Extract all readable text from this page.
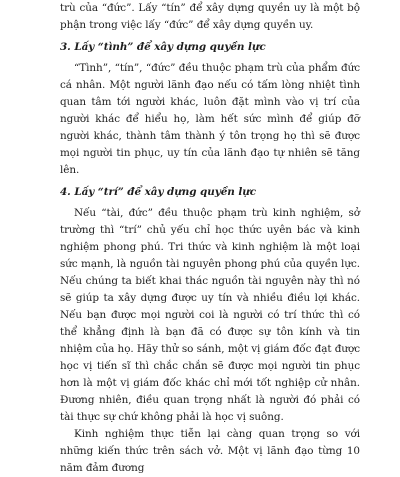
trù của “đức”. Lấy “tín” để xây dựng quyền uy là một bộ phận trong việc lấy “đức” để xây dựng quyền uy.

3. Lấy “tình” để xây dựng quyền lực

“Tình”, “tín”, “đức” đều thuộc phạm trù của phẩm đức cá nhân. Một người lãnh đạo nếu có tấm lòng nhiệt tình quan tâm tới người khác, luôn đặt mình vào vị trí của người khác để hiểu họ, làm hết sức mình để giúp đỡ người khác, thành tâm thành ý tôn trọng họ thì sẽ được mọi người tin phục, uy tín của lãnh đạo tự nhiên sẽ tăng lên.

4. Lấy “trí” để xây dựng quyền lực

Nếu “tài, đức” đều thuộc phạm trù kinh nghiệm, sở trường thì “trí” chủ yếu chỉ học thức uyên bác và kinh nghiệm phong phú. Tri thức và kinh nghiệm là một loại sức mạnh, là nguồn tài nguyên phong phú của quyền lực. Nếu chúng ta biết khai thác nguồn tài nguyên này thì nó sẽ giúp ta xây dựng được uy tín và nhiều điều lợi khác. Nếu bạn được mọi người coi là người có trí thức thì có thể khẳng định là bạn đã có được sự tôn kính và tin nhiệm của họ. Hãy thử so sánh, một vị giám đốc đạt được học vị tiến sĩ thì chắc chắn sẽ được mọi người tin phục hơn là một vị giám đốc khác chỉ mới tốt nghiệp cử nhân. Đương nhiên, điều quan trọng nhất là người đó phải có tài thực sự chứ không phải là học vị suông.

Kinh nghiệm thực tiễn lại càng quan trọng so với những kiến thức trên sách vở. Một vị lãnh đạo từng 10 năm đảm đương
